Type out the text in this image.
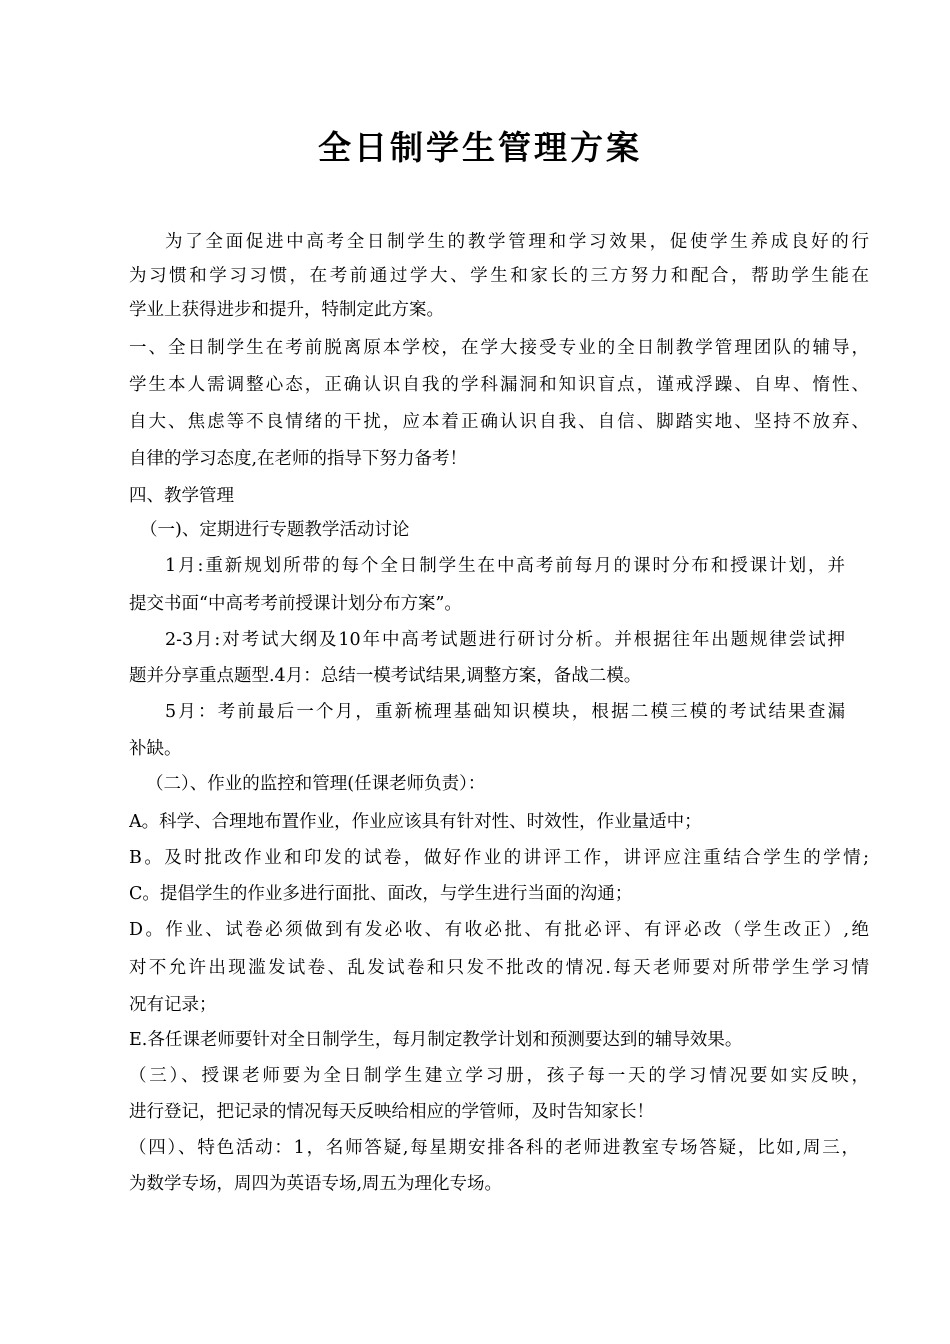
全日制学生管理方案
为了全面促进中高考全日制学生的教学管理和学习效果，促使学生养成良好的行
为习惯和学习习惯，在考前通过学大、学生和家长的三方努力和配合，帮助学生能在
学业上获得进步和提升，特制定此方案。
一、全日制学生在考前脱离原本学校，在学大接受专业的全日制教学管理团队的辅导，
学生本人需调整心态，正确认识自我的学科漏洞和知识盲点，谨戒浮躁、自卑、惰性、
自大、焦虑等不良情绪的干扰，应本着正确认识自我、自信、脚踏实地、坚持不放弃、
自律的学习态度,在老师的指导下努力备考！
四、教学管理
（一)、定期进行专题教学活动讨论
1月:重新规划所带的每个全日制学生在中高考前每月的课时分布和授课计划，并
提交书面“中高考考前授课计划分布方案”。
2-3月:对考试大纲及10年中高考试题进行研讨分析。并根据往年出题规律尝试押
题并分享重点题型.4月：总结一模考试结果,调整方案，备战二模。
5月：考前最后一个月，重新梳理基础知识模块，根据二模三模的考试结果查漏
补缺。
（二）、作业的监控和管理(任课老师负责）：
A。科学、合理地布置作业，作业应该具有针对性、时效性，作业量适中；
B。及时批改作业和印发的试卷，做好作业的讲评工作，讲评应注重结合学生的学情;
C。提倡学生的作业多进行面批、面改，与学生进行当面的沟通；
D。作业、试卷必须做到有发必收、有收必批、有批必评、有评必改（学生改正）,绝
对不允许出现滥发试卷、乱发试卷和只发不批改的情况.每天老师要对所带学生学习情
况有记录；
E.各任课老师要针对全日制学生，每月制定教学计划和预测要达到的辅导效果。
（三）、授课老师要为全日制学生建立学习册，孩子每一天的学习情况要如实反映，
进行登记，把记录的情况每天反映给相应的学管师，及时告知家长！
（四）、特色活动：1，名师答疑,每星期安排各科的老师进教室专场答疑，比如,周三，
为数学专场，周四为英语专场,周五为理化专场。
